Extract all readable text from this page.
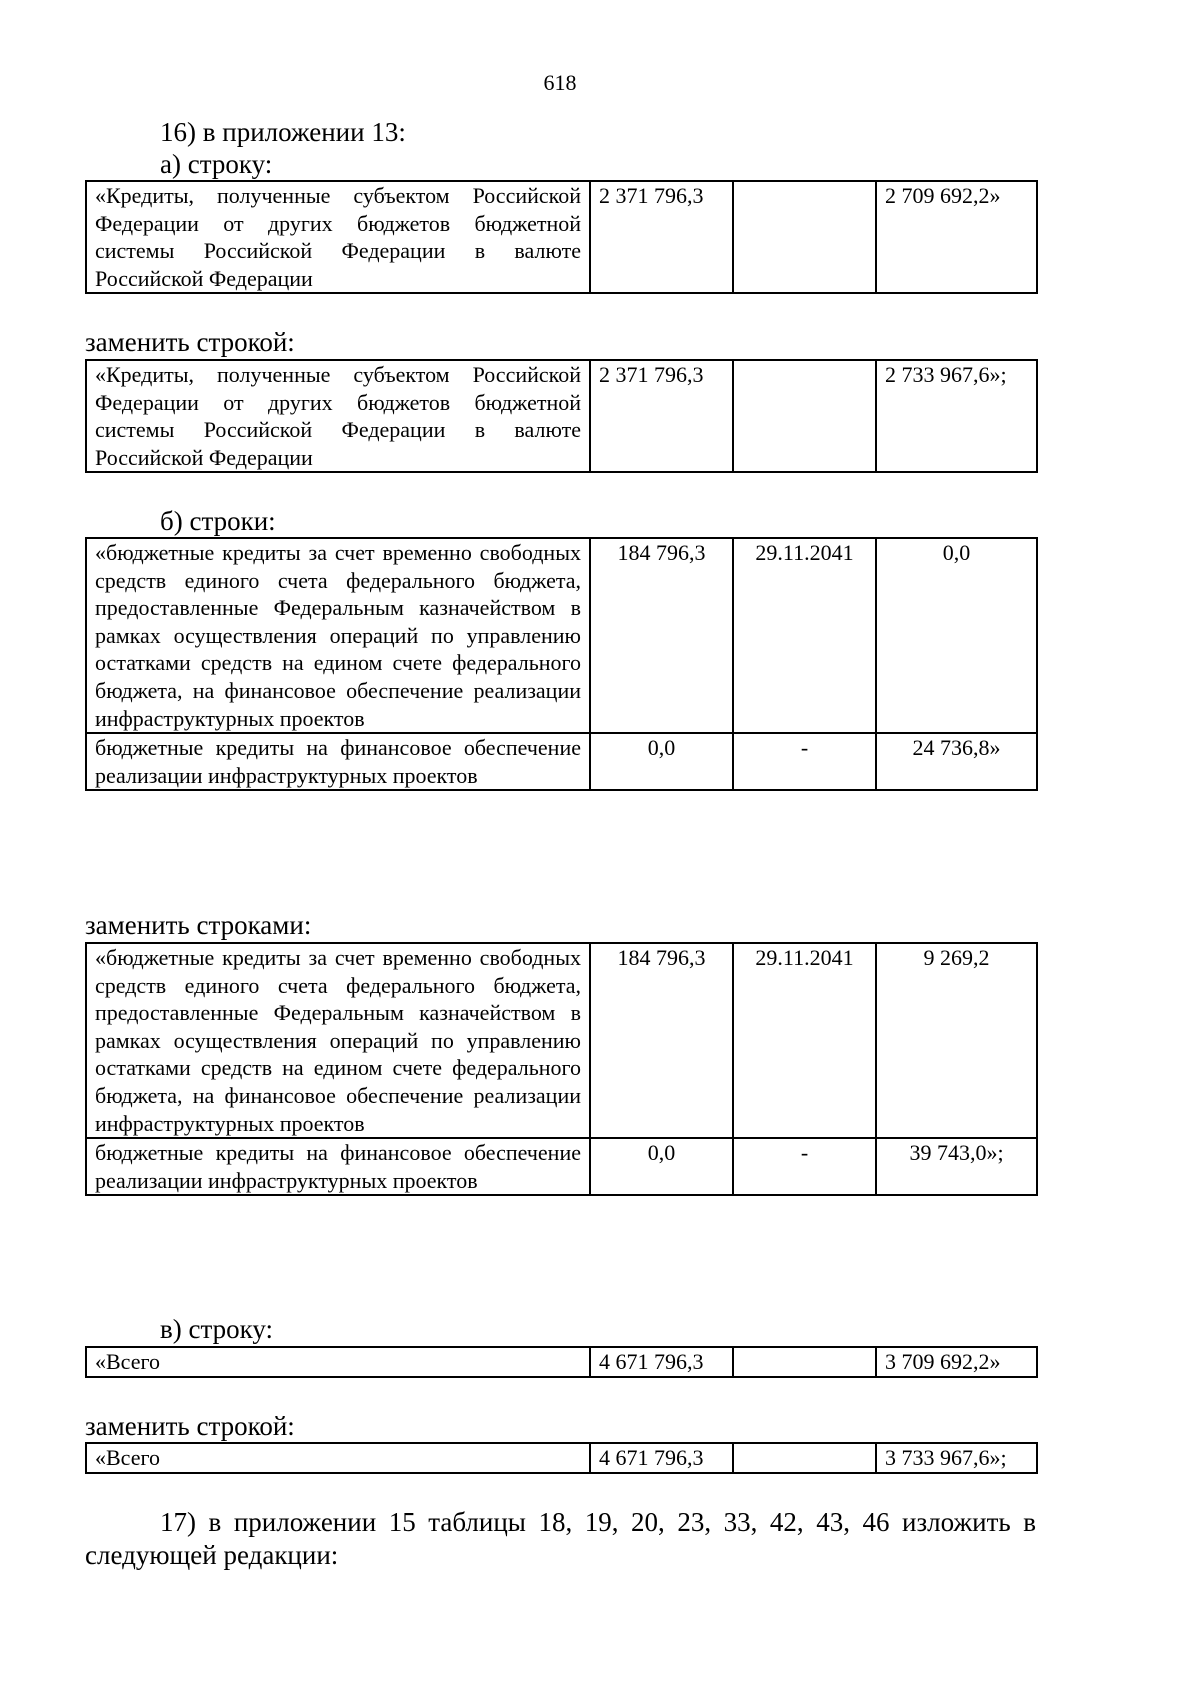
618
16) в приложении 13:
а) строку:
«Кредиты, полученные субъектом Российской Федерации от других бюджетов бюджетной системы Российской Федерации в валюте Российской Федерации	2 371 796,3		2 709 692,2»
заменить строкой:
«Кредиты, полученные субъектом Российской Федерации от других бюджетов бюджетной системы Российской Федерации в валюте Российской Федерации	2 371 796,3		2 733 967,6»;
б) строки:
«бюджетные кредиты за счет временно свободных средств единого счета федерального бюджета, предоставленные Федеральным казначейством в рамках осуществления операций по управлению остатками средств на едином счете федерального бюджета, на финансовое обеспечение реализации инфраструктурных проектов	184 796,3	29.11.2041	0,0
бюджетные кредиты на финансовое обеспечение реализации инфраструктурных проектов	0,0	-	24 736,8»
заменить строками:
«бюджетные кредиты за счет временно свободных средств единого счета федерального бюджета, предоставленные Федеральным казначейством в рамках осуществления операций по управлению остатками средств на едином счете федерального бюджета, на финансовое обеспечение реализации инфраструктурных проектов	184 796,3	29.11.2041	9 269,2
бюджетные кредиты на финансовое обеспечение реализации инфраструктурных проектов	0,0	-	39 743,0»;
в) строку:
«Всего	4 671 796,3		3 709 692,2»
заменить строкой:
«Всего	4 671 796,3		3 733 967,6»;
17) в приложении 15 таблицы 18, 19, 20, 23, 33, 42, 43, 46 изложить в
следующей редакции:
